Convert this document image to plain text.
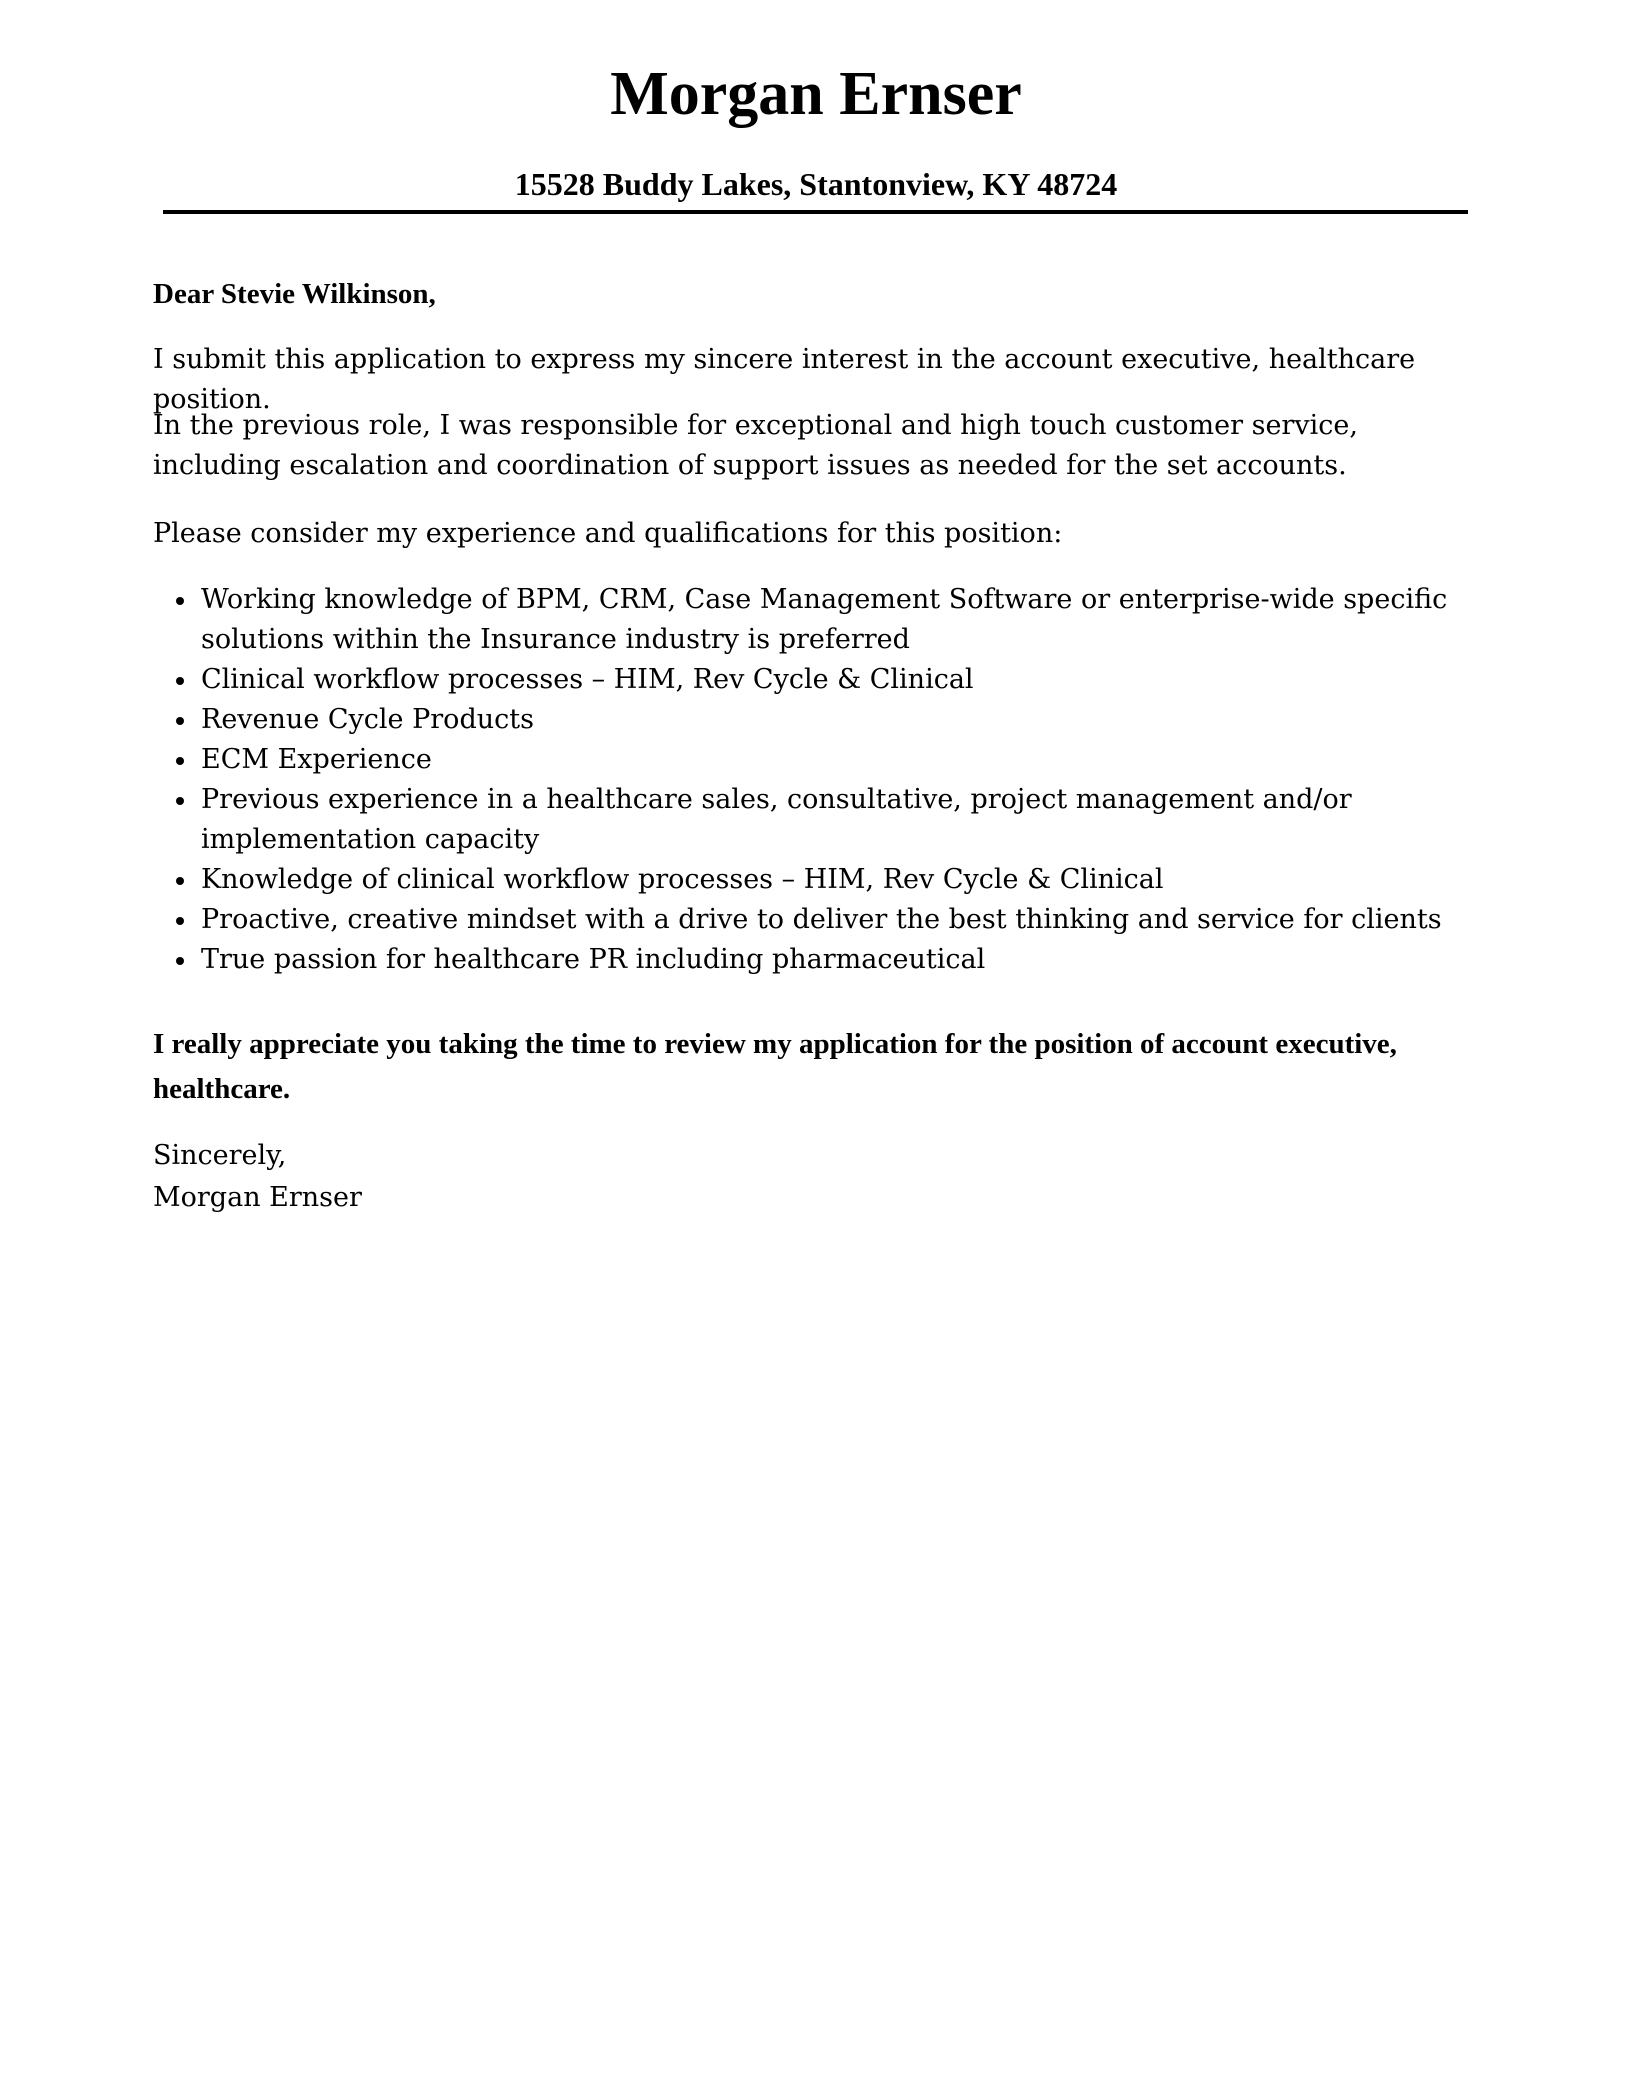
Morgan Ernser

15528 Buddy Lakes, Stantonview, KY 48724

Dear Stevie Wilkinson,

I submit this application to express my sincere interest in the account executive, healthcare position.

In the previous role, I was responsible for exceptional and high touch customer service, including escalation and coordination of support issues as needed for the set accounts.

Please consider my experience and qualifications for this position:

Working knowledge of BPM, CRM, Case Management Software or enterprise-wide specific solutions within the Insurance industry is preferred
Clinical workflow processes – HIM, Rev Cycle & Clinical
Revenue Cycle Products
ECM Experience
Previous experience in a healthcare sales, consultative, project management and/or implementation capacity
Knowledge of clinical workflow processes – HIM, Rev Cycle & Clinical
Proactive, creative mindset with a drive to deliver the best thinking and service for clients
True passion for healthcare PR including pharmaceutical

I really appreciate you taking the time to review my application for the position of account executive, healthcare.

Sincerely,

Morgan Ernser
